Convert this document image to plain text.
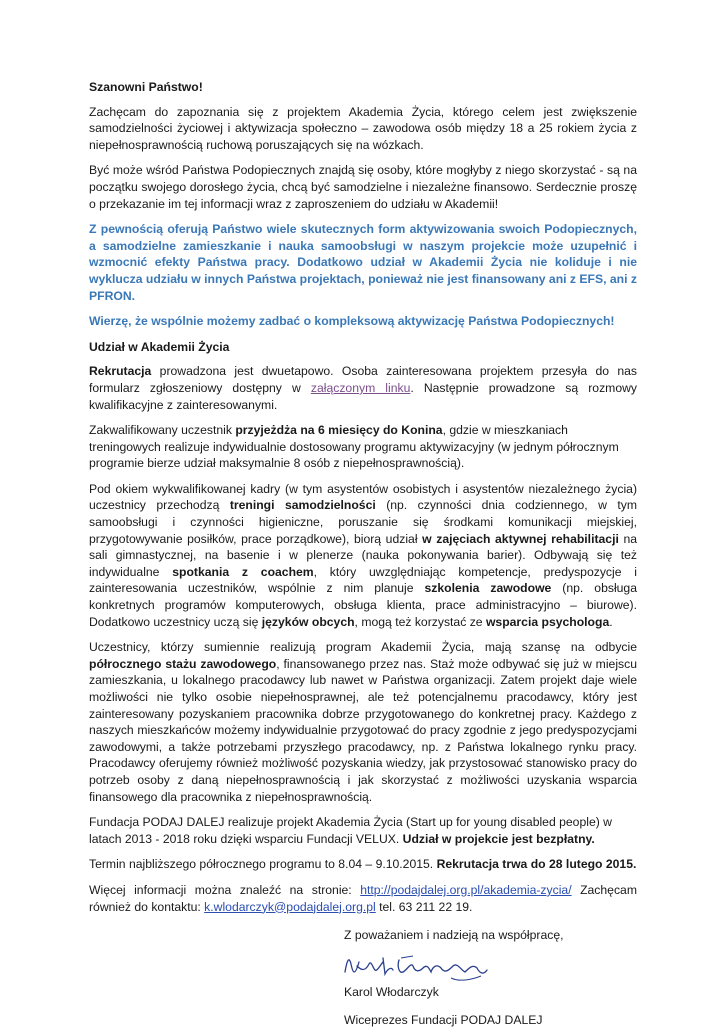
Szanowni Państwo!

Zachęcam do zapoznania się z projektem Akademia Życia, którego celem jest zwiększenie samodzielności życiowej i aktywizacja społeczno – zawodowa osób między 18 a 25 rokiem życia z niepełnosprawnością ruchową poruszających się na wózkach.

Być może wśród Państwa Podopiecznych znajdą się osoby, które mogłyby z niego skorzystać - są na początku swojego dorosłego życia, chcą być samodzielne i niezależne finansowo. Serdecznie proszę o przekazanie im tej informacji wraz z zaproszeniem do udziału w Akademii!

Z pewnością oferują Państwo wiele skutecznych form aktywizowania swoich Podopiecznych, a samodzielne zamieszkanie i nauka samoobsługi w naszym projekcie może uzupełnić i wzmocnić efekty Państwa pracy. Dodatkowo udział w Akademii Życia nie koliduje i nie wyklucza udziału w innych Państwa projektach, ponieważ nie jest finansowany ani z EFS, ani z PFRON.

Wierzę, że wspólnie możemy zadbać o kompleksową aktywizację Państwa Podopiecznych!

Udział w Akademii Życia

Rekrutacja prowadzona jest dwuetapowo. Osoba zainteresowana projektem przesyła do nas formularz zgłoszeniowy dostępny w załączonym linku. Następnie prowadzone są rozmowy kwalifikacyjne z zainteresowanymi.

Zakwalifikowany uczestnik przyjeżdża na 6 miesięcy do Konina, gdzie w mieszkaniach treningowych realizuje indywidualnie dostosowany programu aktywizacyjny (w jednym półrocznym programie bierze udział maksymalnie 8 osób z niepełnosprawnością).

Pod okiem wykwalifikowanej kadry (w tym asystentów osobistych i asystentów niezależnego życia) uczestnicy przechodzą treningi samodzielności (np. czynności dnia codziennego, w tym samoobsługi i czynności higieniczne, poruszanie się środkami komunikacji miejskiej, przygotowywanie posiłków, prace porządkowe), biorą udział w zajęciach aktywnej rehabilitacji na sali gimnastycznej, na basenie i w plenerze (nauka pokonywania barier). Odbywają się też indywidualne spotkania z coachem, który uwzględniając kompetencje, predyspozycje i zainteresowania uczestników, wspólnie z nim planuje szkolenia zawodowe (np. obsługa konkretnych programów komputerowych, obsługa klienta, prace administracyjno – biurowe). Dodatkowo uczestnicy uczą się języków obcych, mogą też korzystać ze wsparcia psychologa.

Uczestnicy, którzy sumiennie realizują program Akademii Życia, mają szansę na odbycie półrocznego stażu zawodowego, finansowanego przez nas. Staż może odbywać się już w miejscu zamieszkania, u lokalnego pracodawcy lub nawet w Państwa organizacji. Zatem projekt daje wiele możliwości nie tylko osobie niepełnosprawnej, ale też potencjalnemu pracodawcy, który jest zainteresowany pozyskaniem pracownika dobrze przygotowanego do konkretnej pracy. Każdego z naszych mieszkańców możemy indywidualnie przygotować do pracy zgodnie z jego predyspozycjami zawodowymi, a także potrzebami przyszłego pracodawcy, np. z Państwa lokalnego rynku pracy. Pracodawcy oferujemy również możliwość pozyskania wiedzy, jak przystosować stanowisko pracy do potrzeb osoby z daną niepełnosprawnością i jak skorzystać z możliwości uzyskania wsparcia finansowego dla pracownika z niepełnosprawnością.

Fundacja PODAJ DALEJ realizuje projekt Akademia Życia (Start up for young disabled people) w latach 2013 - 2018 roku dzięki wsparciu Fundacji VELUX. Udział w projekcie jest bezpłatny.

Termin najbliższego półrocznego programu to 8.04 – 9.10.2015. Rekrutacja trwa do 28 lutego 2015.

Więcej informacji można znaleźć na stronie: http://podajdalej.org.pl/akademia-zycia/ Zachęcam również do kontaktu: k.wlodarczyk@podajdalej.org.pl tel. 63 211 22 19.

Z poważaniem i nadzieją na współpracę,
Karol Włodarczyk
Wiceprezes Fundacji PODAJ DALEJ
